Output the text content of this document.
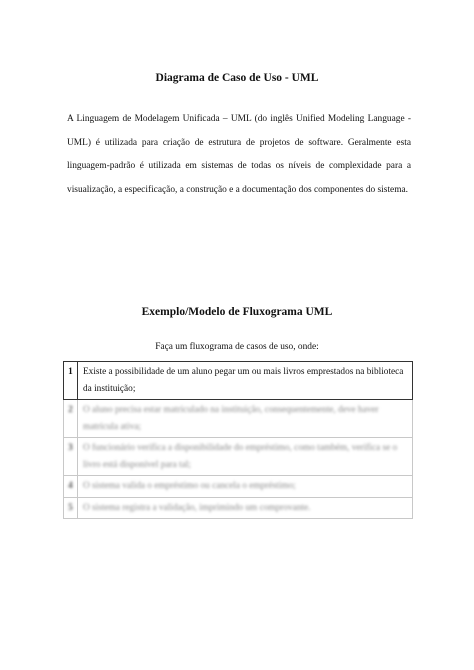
Diagrama de Caso de Uso - UML
A Linguagem de Modelagem Unificada – UML (do inglês Unified Modeling Language - UML) é utilizada para criação de estrutura de projetos de software. Geralmente esta linguagem-padrão é utilizada em sistemas de todas os níveis de complexidade para a visualização, a especificação, a construção e a documentação dos componentes do sistema.
Exemplo/Modelo de Fluxograma UML
Faça um fluxograma de casos de uso, onde:
1	Existe a possibilidade de um aluno pegar um ou mais livros emprestados na biblioteca da instituição;
2	O aluno precisa estar matriculado na instituição, consequentemente, deve haver matrícula ativa;
3	O funcionário verifica a disponibilidade do empréstimo, como também, verifica se o livro está disponível para tal;
4	O sistema valida o empréstimo ou cancela o empréstimo;
5	O sistema registra a validação, imprimindo um comprovante.
